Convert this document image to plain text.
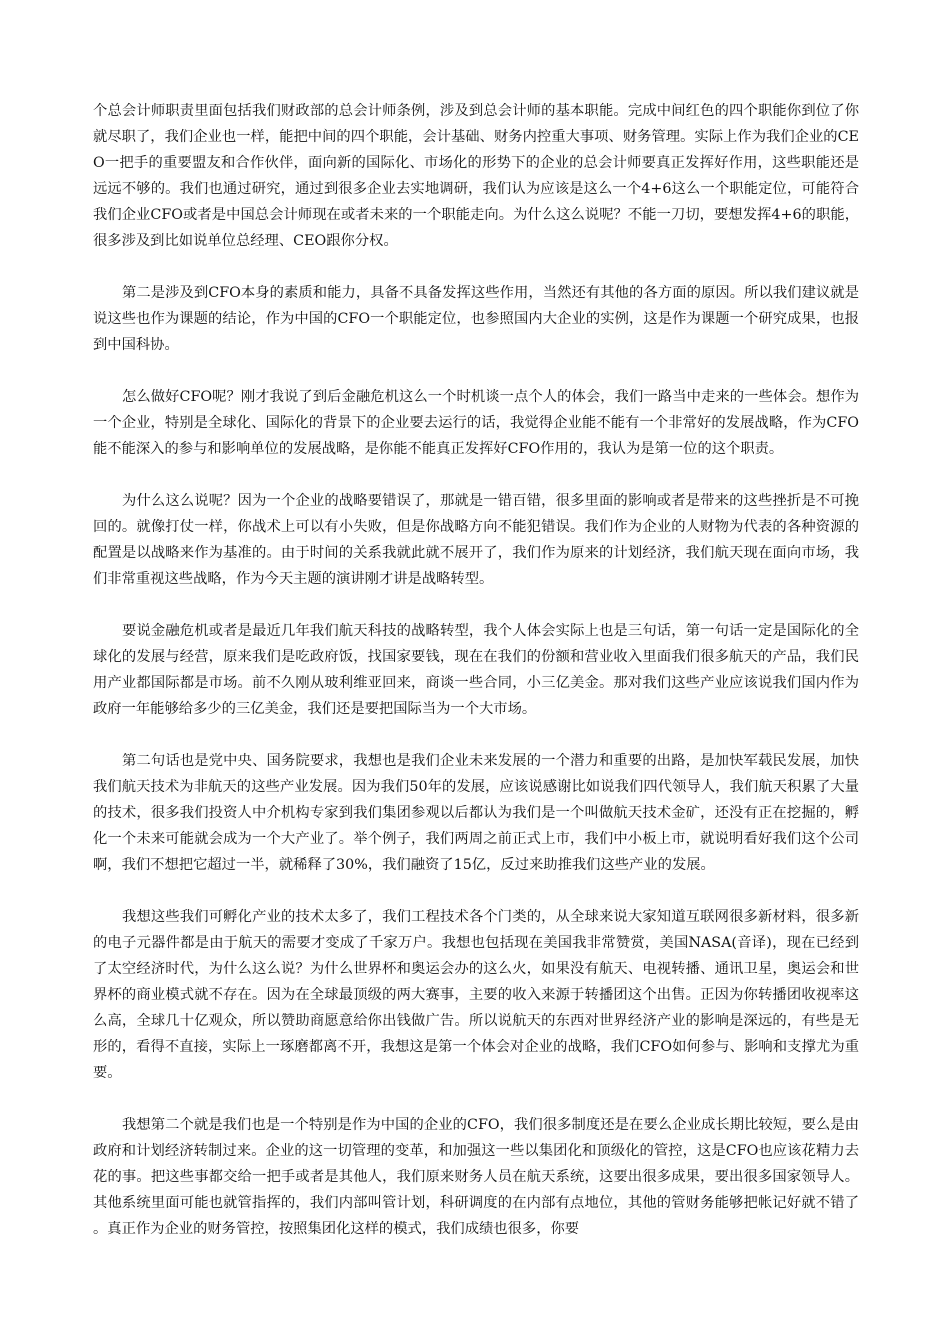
个总会计师职责里面包括我们财政部的总会计师条例，涉及到总会计师的基本职能。完成中间红色的四个职能你到位了你就尽职了，我们企业也一样，能把中间的四个职能，会计基础、财务内控重大事项、财务管理。实际上作为我们企业的CEO一把手的重要盟友和合作伙伴，面向新的国际化、市场化的形势下的企业的总会计师要真正发挥好作用，这些职能还是远远不够的。我们也通过研究，通过到很多企业去实地调研，我们认为应该是这么一个4+6这么一个职能定位，可能符合我们企业CFO或者是中国总会计师现在或者未来的一个职能走向。为什么这么说呢？不能一刀切，要想发挥4+6的职能，很多涉及到比如说单位总经理、CEO跟你分权。

第二是涉及到CFO本身的素质和能力，具备不具备发挥这些作用，当然还有其他的各方面的原因。所以我们建议就是说这些也作为课题的结论，作为中国的CFO一个职能定位，也参照国内大企业的实例，这是作为课题一个研究成果，也报到中国科协。

怎么做好CFO呢？刚才我说了到后金融危机这么一个时机谈一点个人的体会，我们一路当中走来的一些体会。想作为一个企业，特别是全球化、国际化的背景下的企业要去运行的话，我觉得企业能不能有一个非常好的发展战略，作为CFO能不能深入的参与和影响单位的发展战略，是你能不能真正发挥好CFO作用的，我认为是第一位的这个职责。

为什么这么说呢？因为一个企业的战略要错误了，那就是一错百错，很多里面的影响或者是带来的这些挫折是不可挽回的。就像打仗一样，你战术上可以有小失败，但是你战略方向不能犯错误。我们作为企业的人财物为代表的各种资源的配置是以战略来作为基准的。由于时间的关系我就此就不展开了，我们作为原来的计划经济，我们航天现在面向市场，我们非常重视这些战略，作为今天主题的演讲刚才讲是战略转型。

要说金融危机或者是最近几年我们航天科技的战略转型，我个人体会实际上也是三句话，第一句话一定是国际化的全球化的发展与经营，原来我们是吃政府饭，找国家要钱，现在在我们的份额和营业收入里面我们很多航天的产品，我们民用产业都国际都是市场。前不久刚从玻利维亚回来，商谈一些合同，小三亿美金。那对我们这些产业应该说我们国内作为政府一年能够给多少的三亿美金，我们还是要把国际当为一个大市场。

第二句话也是党中央、国务院要求，我想也是我们企业未来发展的一个潜力和重要的出路，是加快军载民发展，加快我们航天技术为非航天的这些产业发展。因为我们50年的发展，应该说感谢比如说我们四代领导人，我们航天积累了大量的技术，很多我们投资人中介机构专家到我们集团参观以后都认为我们是一个叫做航天技术金矿，还没有正在挖掘的，孵化一个未来可能就会成为一个大产业了。举个例子，我们两周之前正式上市，我们中小板上市，就说明看好我们这个公司啊，我们不想把它超过一半，就稀释了30%，我们融资了15亿，反过来助推我们这些产业的发展。

我想这些我们可孵化产业的技术太多了，我们工程技术各个门类的，从全球来说大家知道互联网很多新材料，很多新的电子元器件都是由于航天的需要才变成了千家万户。我想也包括现在美国我非常赞赏，美国NASA(音译)，现在已经到了太空经济时代，为什么这么说？为什么世界杯和奥运会办的这么火，如果没有航天、电视转播、通讯卫星，奥运会和世界杯的商业模式就不存在。因为在全球最顶级的两大赛事，主要的收入来源于转播团这个出售。正因为你转播团收视率这么高，全球几十亿观众，所以赞助商愿意给你出钱做广告。所以说航天的东西对世界经济产业的影响是深远的，有些是无形的，看得不直接，实际上一琢磨都离不开，我想这是第一个体会对企业的战略，我们CFO如何参与、影响和支撑尤为重要。

我想第二个就是我们也是一个特别是作为中国的企业的CFO，我们很多制度还是在要么企业成长期比较短，要么是由政府和计划经济转制过来。企业的这一切管理的变革，和加强这一些以集团化和顶级化的管控，这是CFO也应该花精力去花的事。把这些事都交给一把手或者是其他人，我们原来财务人员在航天系统，这要出很多成果，要出很多国家领导人。其他系统里面可能也就管指挥的，我们内部叫管计划，科研调度的在内部有点地位，其他的管财务能够把帐记好就不错了。真正作为企业的财务管控，按照集团化这样的模式，我们成绩也很多，你要
